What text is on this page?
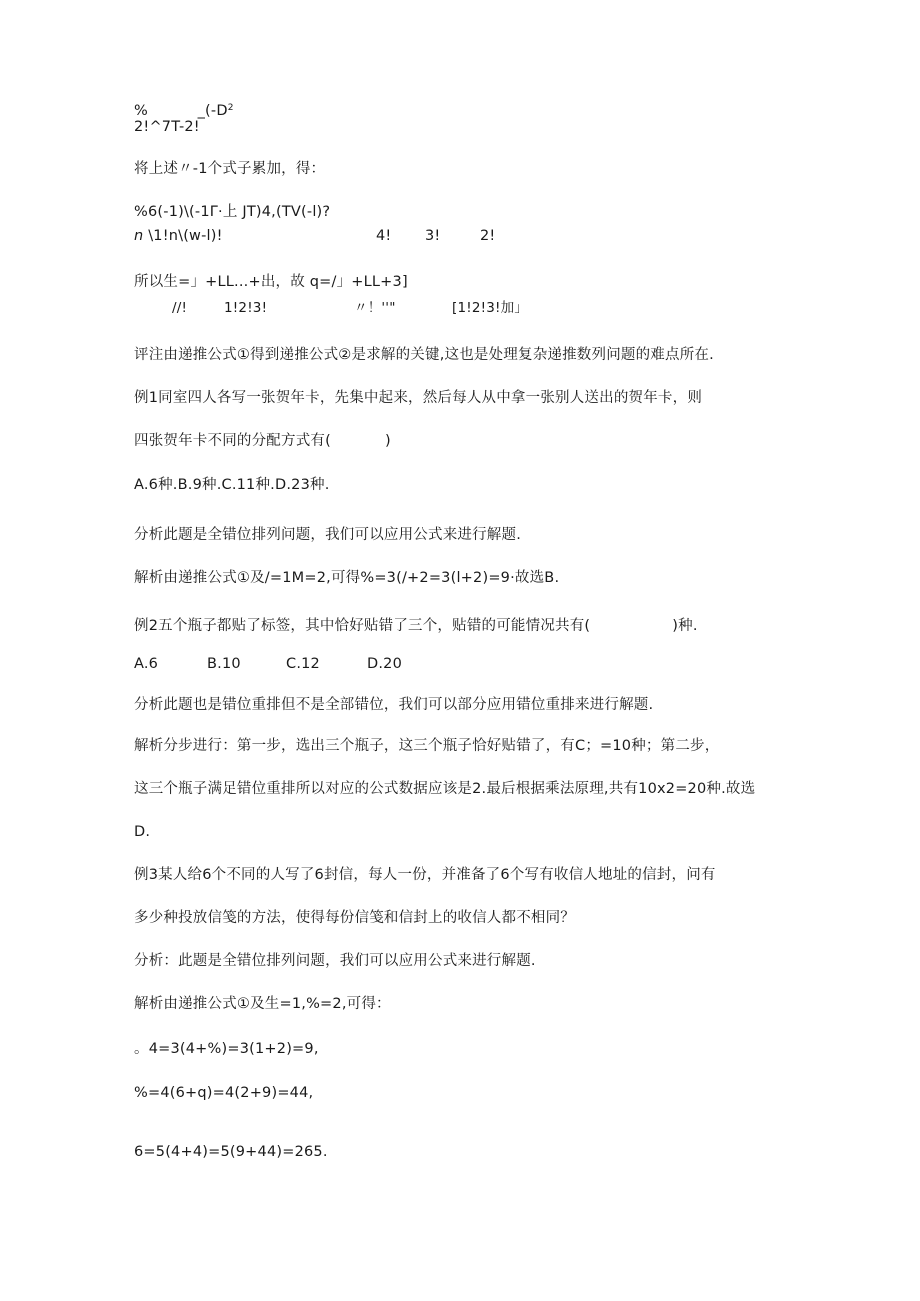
%	$\_(-D^2$
2!^7T-2!
将上述〃-1个式子累加，得：
%6(-1)\(-1Γ·上 JT)4,(TV(-l)?
n \1!n\(w-l)!	4! 3!	2!
所以生=」+LL...+出，故 q=/」+LL+3]
//!	1!2!3!	〃！''"	[1!2!3!加」
评注由递推公式①得到递推公式②是求解的关键,这也是处理复杂递推数列问题的难点所在.
例1同室四人各写一张贺年卡，先集中起来，然后每人从中拿一张别人送出的贺年卡，则
四张贺年卡不同的分配方式有(	)
A.6种.B.9种.C.11种.D.23种.
分析此题是全错位排列问题，我们可以应用公式来进行解题.
解析由递推公式①及/=1M=2,可得%=3(∕+2=3(l+2)=9·故选B.
例2五个瓶子都贴了标签，其中恰好贴错了三个，贴错的可能情况共有(	)种.
A.6	B.10	C.12	D.20
分析此题也是错位重排但不是全部错位，我们可以部分应用错位重排来进行解题.
解析分步进行：第一步，选出三个瓶子，这三个瓶子恰好贴错了，有C；=10种；第二步，
这三个瓶子满足错位重排所以对应的公式数据应该是2.最后根据乘法原理,共有10x2=20种.故选
D.
例3某人给6个不同的人写了6封信，每人一份，并准备了6个写有收信人地址的信封，问有
多少种投放信笺的方法，使得每份信笺和信封上的收信人都不相同？
分析：此题是全错位排列问题，我们可以应用公式来进行解题.
解析由递推公式①及生=1,%=2,可得：
。4=3(4+%)=3(1+2)=9,
%=4(6+q)=4(2+9)=44,
6=5(4+4)=5(9+44)=265.
